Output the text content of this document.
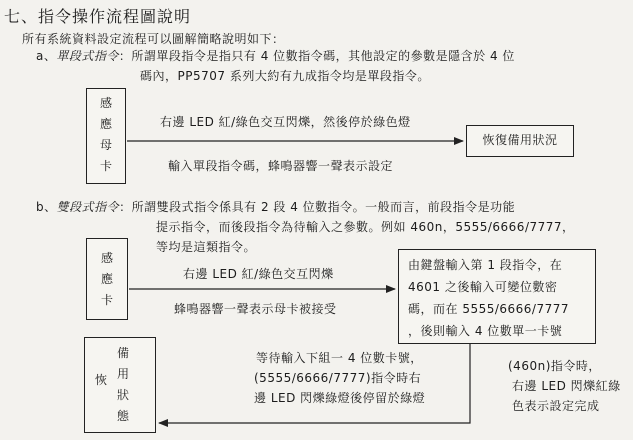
七、指令操作流程圖說明
所有系統資料設定流程可以圖解簡略說明如下：
a、單段式指令：所謂單段指令是指只有 4 位數指令碼，其他設定的參數是隱含於 4 位
碼內，PP5707 系列大約有九成指令均是單段指令。
感
應
母
卡
右邊 LED 紅/綠色交互閃爍，然後停於綠色燈
輸入單段指令碼，蜂鳴器響一聲表示設定
恢復備用狀況
b、雙段式指令：所謂雙段式指令係具有 2 段 4 位數指令。一般而言，前段指令是功能
提示指令，而後段指令為待輸入之參數。例如 460n，5555/6666/7777，
等均是這類指令。
感
應
卡
右邊 LED 紅/綠色交互閃爍
蜂鳴器響一聲表示母卡被接受
由鍵盤輸入第 1 段指令，在
4601 之後輸入可變位數密
碼，而在 5555/6666/7777
，後則輸入 4 位數單一卡號
等待輸入下組一 4 位數卡號，
(5555/6666/7777)指令時右
邊 LED 閃爍綠燈後停留於綠燈
(460n)指令時，
右邊 LED 閃爍紅綠
色表示設定完成
恢
備
用
狀
態
